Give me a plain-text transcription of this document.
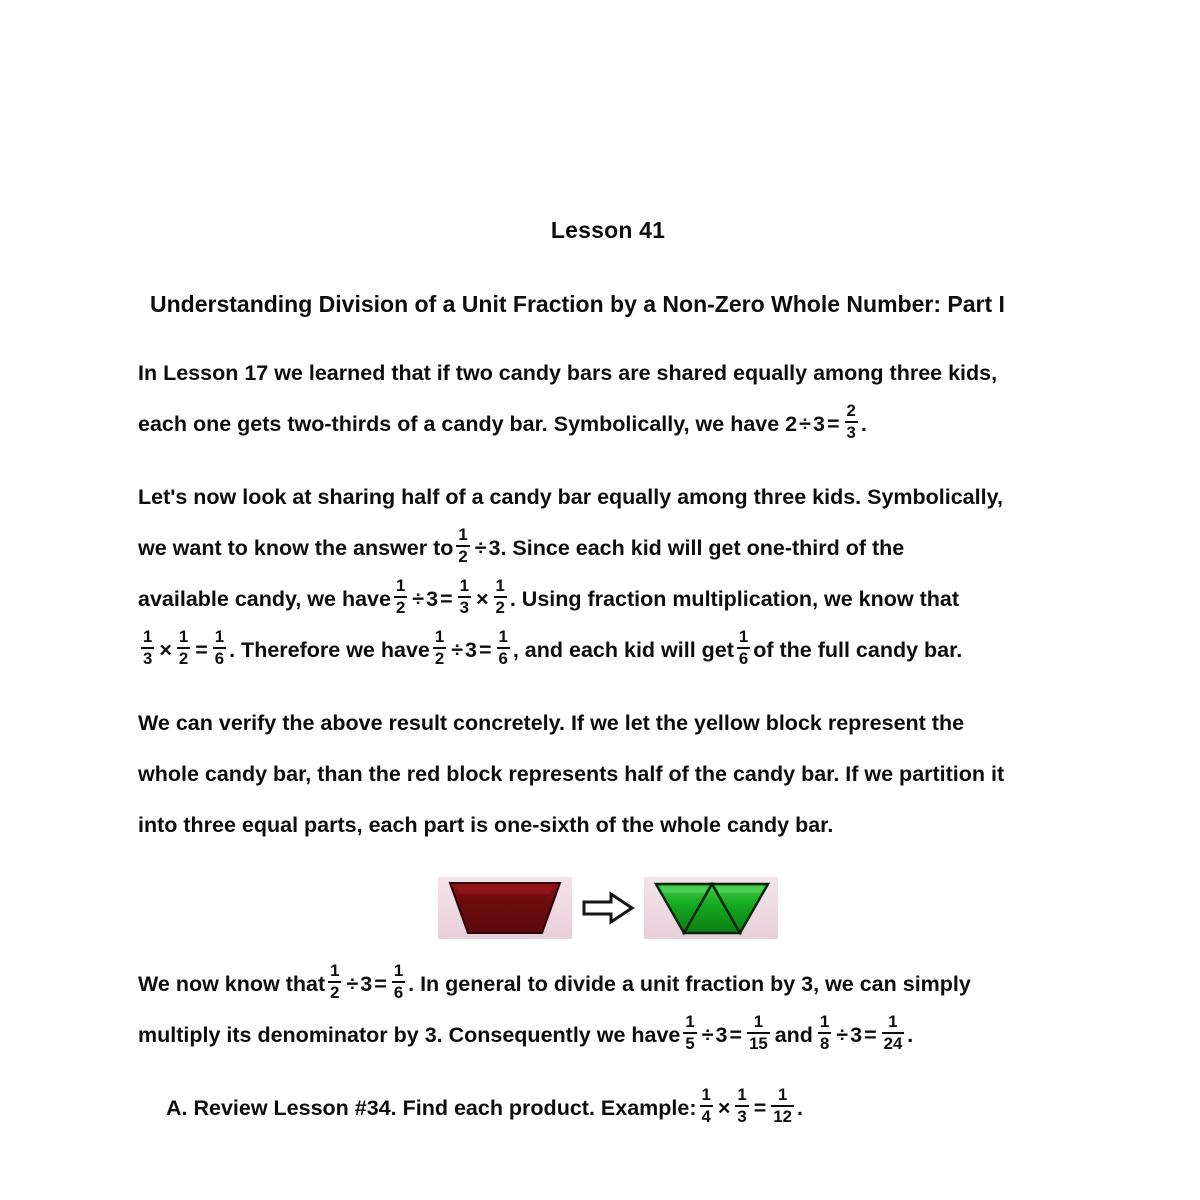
Lesson 41
Understanding Division of a Unit Fraction by a Non-Zero Whole Number: Part I

In Lesson 17 we learned that if two candy bars are shared equally among three kids,
each one gets two-thirds of a candy bar. Symbolically, we have $2\div 3= \frac{2}{3}$ .

Let's now look at sharing half of a candy bar equally among three kids. Symbolically,
we want to know the answer to $\frac{1}{2} \div 3$. Since each kid will get one-third of the
available candy, we have $\frac{1}{2} \div 3= \frac{1}{3} \times \frac{1}{2}$ . Using fraction multiplication, we know that
$\frac{1}{3} \times \frac{1}{2} = \frac{1}{6}$ . Therefore we have $\frac{1}{2} \div 3= \frac{1}{6}$ , and each kid will get $\frac{1}{6}$ of the full candy bar.

We can verify the above result concretely. If we let the yellow block represent the
whole candy bar, than the red block represents half of the candy bar. If we partition it
into three equal parts, each part is one-sixth of the whole candy bar.

We now know that $\frac{1}{2} \div 3= \frac{1}{6}$ . In general to divide a unit fraction by 3, we can simply
multiply its denominator by 3. Consequently we have $\frac{1}{5} \div 3= \frac{1}{15}$ and $\frac{1}{8} \div 3= \frac{1}{24}$ .

A. Review Lesson #34. Find each product. Example: $\frac{1}{4} \times \frac{1}{3} = \frac{1}{12}$ .
